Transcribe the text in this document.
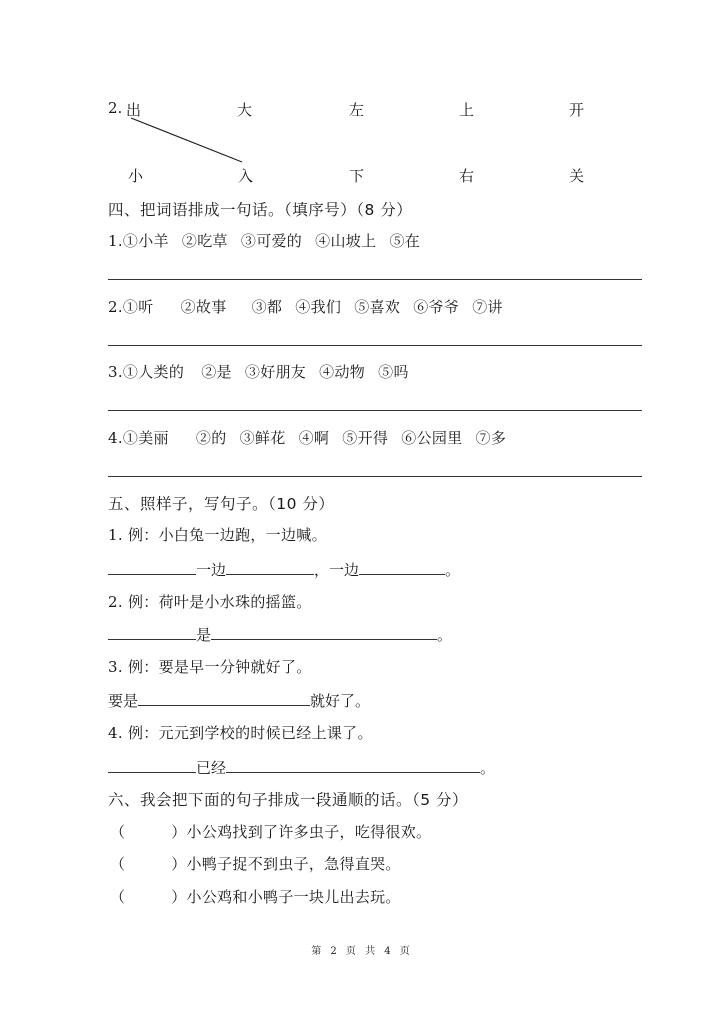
2. 出	大	左	上	开
小	入	下	右	关
四、把词语排成一句话。（填序号）（8 分）
1.①小羊 ②吃草 ③可爱的 ④山坡上 ⑤在
2.①听 ②故事 ③都 ④我们 ⑤喜欢 ⑥爷爷 ⑦讲
3.①人类的 ②是 ③好朋友 ④动物 ⑤吗
4.①美丽 ②的 ③鲜花 ④啊 ⑤开得 ⑥公园里 ⑦多
五、照样子，写句子。（10 分）
1. 例：小白兔一边跑，一边喊。
一边	，一边	。
2. 例：荷叶是小水珠的摇篮。
是	。
3. 例：要是早一分钟就好了。
要是	就好了。
4. 例：元元到学校的时候已经上课了。
已经	。
六、我会把下面的句子排成一段通顺的话。（5 分）
（　　　）小公鸡找到了许多虫子，吃得很欢。
（　　　）小鸭子捉不到虫子，急得直哭。
（　　　）小公鸡和小鸭子一块儿出去玩。
第 2 页 共 4 页
